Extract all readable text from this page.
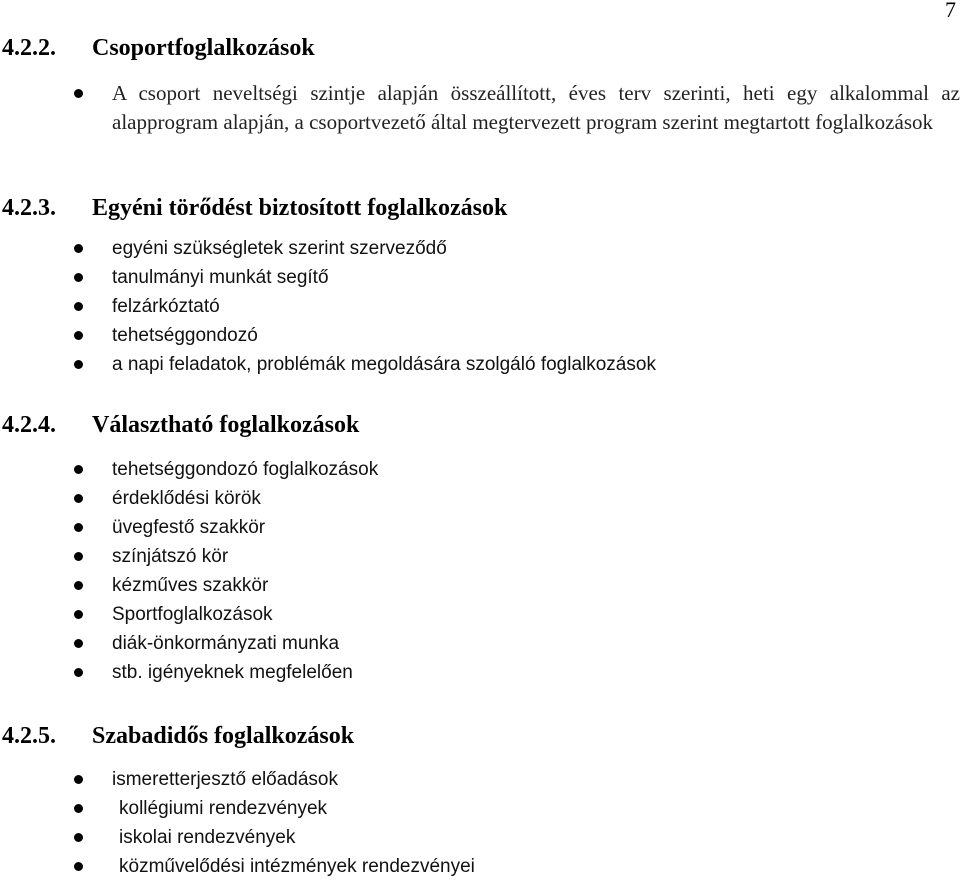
7
4.2.2. Csoportfoglalkozások
A csoport neveltségi szintje alapján összeállított, éves terv szerinti, heti egy alkalommal az alapprogram alapján, a csoportvezető által megtervezett program szerint megtartott foglalkozások
4.2.3. Egyéni törődést biztosított foglalkozások
egyéni szükségletek szerint szerveződő
tanulmányi munkát segítő
felzárkóztató
tehetséggondozó
a napi feladatok, problémák megoldására szolgáló foglalkozások
4.2.4. Választható foglalkozások
tehetséggondozó foglalkozások
érdeklődési körök
üvegfestő szakkör
színjátszó kör
kézműves szakkör
Sportfoglalkozások
diák-önkormányzati munka
stb. igényeknek megfelelően
4.2.5. Szabadidős foglalkozások
ismeretterjesztő előadások
kollégiumi rendezvények
iskolai rendezvények
közművelődési intézmények rendezvényei
